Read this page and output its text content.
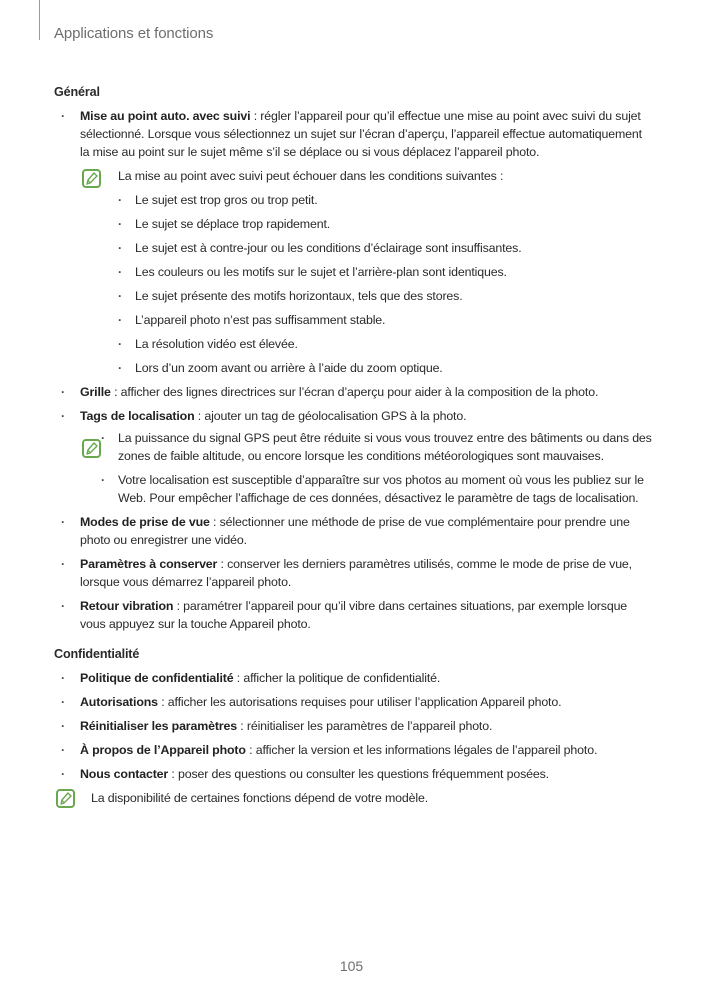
Applications et fonctions
Général
· Mise au point auto. avec suivi : régler l’appareil pour qu’il effectue une mise au point avec suivi du sujet sélectionné. Lorsque vous sélectionnez un sujet sur l’écran d’aperçu, l’appareil effectue automatiquement la mise au point sur le sujet même s’il se déplace ou si vous déplacez l’appareil photo.
La mise au point avec suivi peut échouer dans les conditions suivantes :
· Le sujet est trop gros ou trop petit.
· Le sujet se déplace trop rapidement.
· Le sujet est à contre-jour ou les conditions d’éclairage sont insuffisantes.
· Les couleurs ou les motifs sur le sujet et l’arrière-plan sont identiques.
· Le sujet présente des motifs horizontaux, tels que des stores.
· L’appareil photo n’est pas suffisamment stable.
· La résolution vidéo est élevée.
· Lors d’un zoom avant ou arrière à l’aide du zoom optique.
· Grille : afficher des lignes directrices sur l’écran d’aperçu pour aider à la composition de la photo.
· Tags de localisation : ajouter un tag de géolocalisation GPS à la photo.
· La puissance du signal GPS peut être réduite si vous vous trouvez entre des bâtiments ou dans des zones de faible altitude, ou encore lorsque les conditions météorologiques sont mauvaises.
· Votre localisation est susceptible d’apparaître sur vos photos au moment où vous les publiez sur le Web. Pour empêcher l’affichage de ces données, désactivez le paramètre de tags de localisation.
· Modes de prise de vue : sélectionner une méthode de prise de vue complémentaire pour prendre une photo ou enregistrer une vidéo.
· Paramètres à conserver : conserver les derniers paramètres utilisés, comme le mode de prise de vue, lorsque vous démarrez l’appareil photo.
· Retour vibration : paramétrer l’appareil pour qu’il vibre dans certaines situations, par exemple lorsque vous appuyez sur la touche Appareil photo.
Confidentialité
· Politique de confidentialité : afficher la politique de confidentialité.
· Autorisations : afficher les autorisations requises pour utiliser l’application Appareil photo.
· Réinitialiser les paramètres : réinitialiser les paramètres de l’appareil photo.
· À propos de l’Appareil photo : afficher la version et les informations légales de l’appareil photo.
· Nous contacter : poser des questions ou consulter les questions fréquemment posées.
La disponibilité de certaines fonctions dépend de votre modèle.
105
